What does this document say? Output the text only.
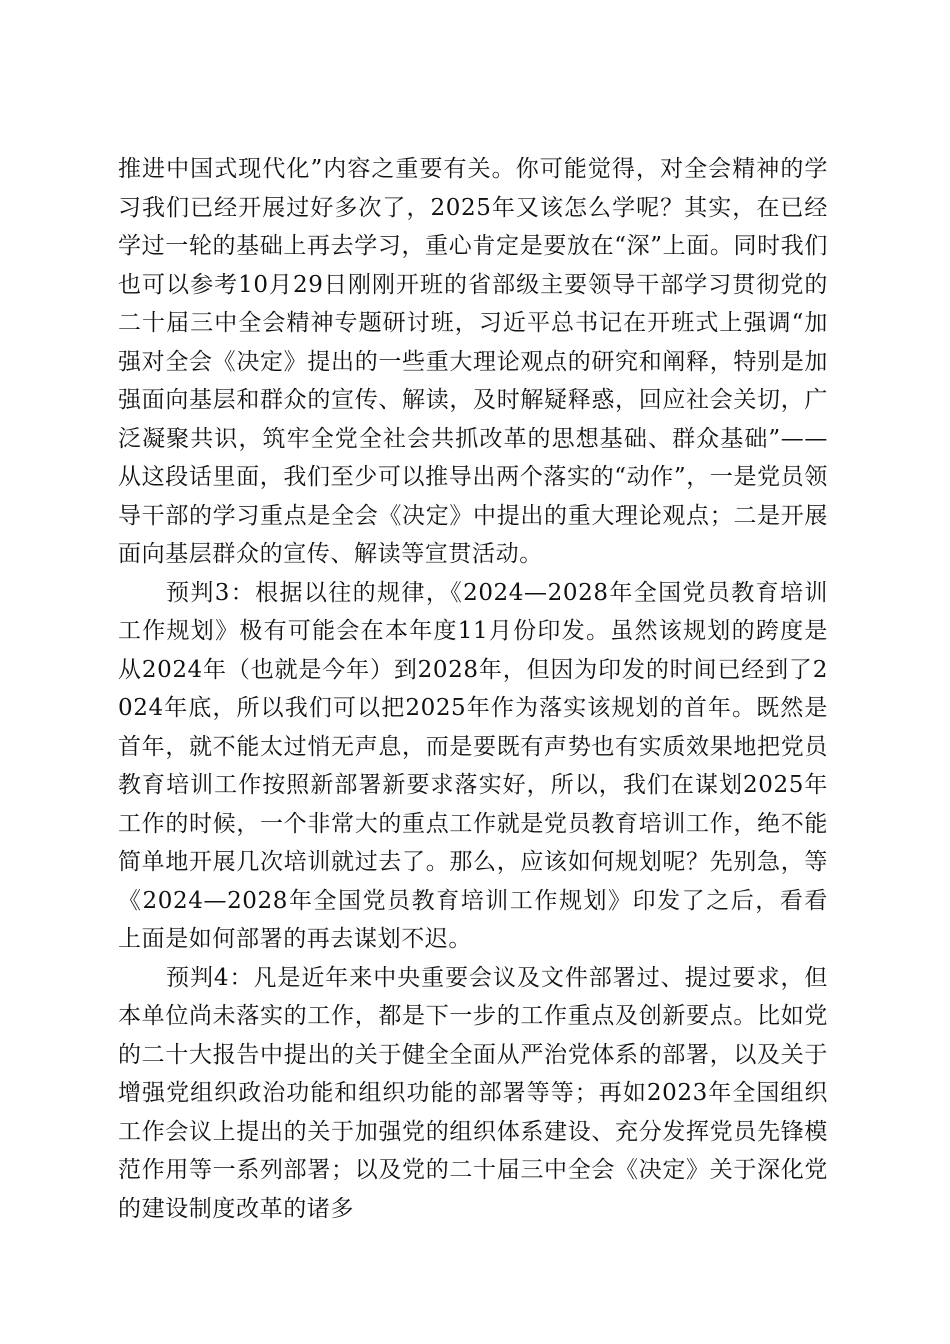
推进中国式现代化”内容之重要有关。你可能觉得，对全会精神的学习我们已经开展过好多次了，2025年又该怎么学呢？其实，在已经学过一轮的基础上再去学习，重心肯定是要放在“深”上面。同时我们也可以参考10月29日刚刚开班的省部级主要领导干部学习贯彻党的二十届三中全会精神专题研讨班，习近平总书记在开班式上强调“加强对全会《决定》提出的一些重大理论观点的研究和阐释，特别是加强面向基层和群众的宣传、解读，及时解疑释惑，回应社会关切，广泛凝聚共识，筑牢全党全社会共抓改革的思想基础、群众基础”——从这段话里面，我们至少可以推导出两个落实的“动作”，一是党员领导干部的学习重点是全会《决定》中提出的重大理论观点；二是开展面向基层群众的宣传、解读等宣贯活动。

预判3：根据以往的规律，《2024—2028年全国党员教育培训工作规划》极有可能会在本年度11月份印发。虽然该规划的跨度是从2024年（也就是今年）到2028年，但因为印发的时间已经到了2024年底，所以我们可以把2025年作为落实该规划的首年。既然是首年，就不能太过悄无声息，而是要既有声势也有实质效果地把党员教育培训工作按照新部署新要求落实好，所以，我们在谋划2025年工作的时候，一个非常大的重点工作就是党员教育培训工作，绝不能简单地开展几次培训就过去了。那么，应该如何规划呢？先别急，等《2024—2028年全国党员教育培训工作规划》印发了之后，看看上面是如何部署的再去谋划不迟。

预判4：凡是近年来中央重要会议及文件部署过、提过要求，但本单位尚未落实的工作，都是下一步的工作重点及创新要点。比如党的二十大报告中提出的关于健全全面从严治党体系的部署，以及关于增强党组织政治功能和组织功能的部署等等；再如2023年全国组织工作会议上提出的关于加强党的组织体系建设、充分发挥党员先锋模范作用等一系列部署；以及党的二十届三中全会《决定》关于深化党的建设制度改革的诸多
